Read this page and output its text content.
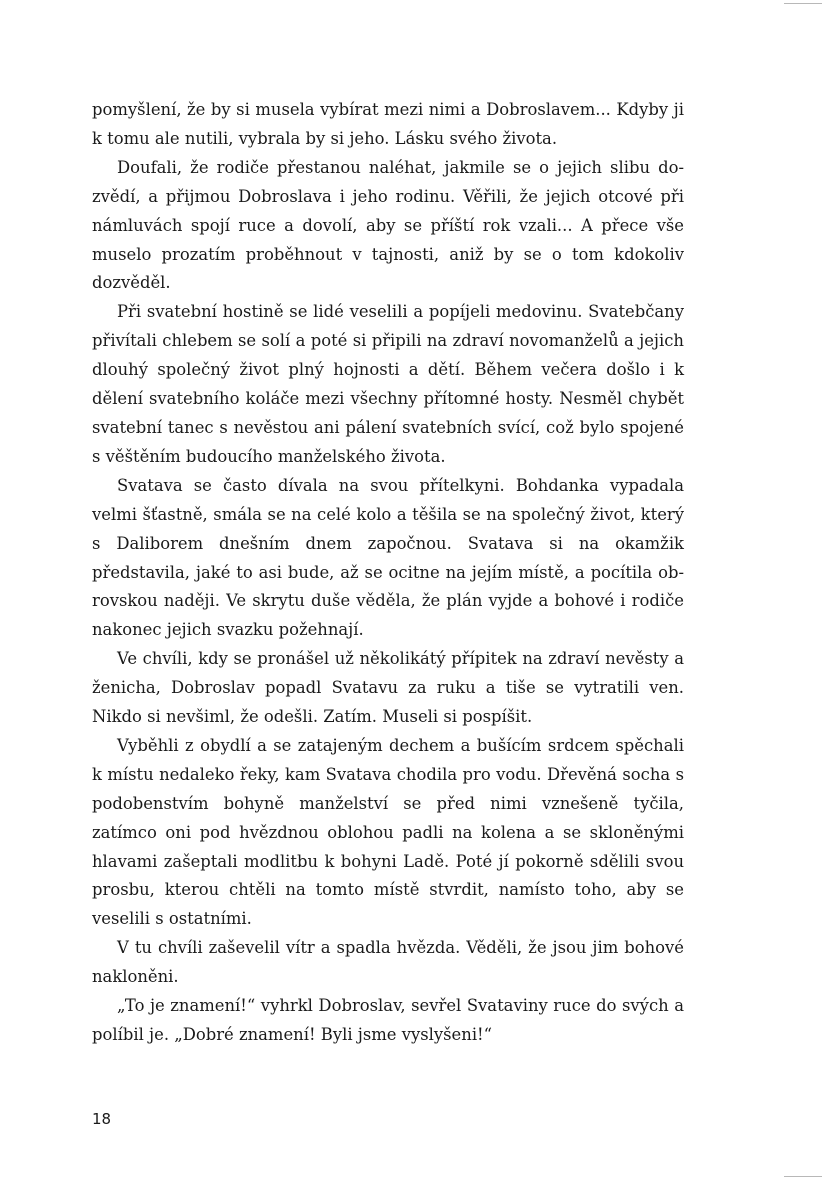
pomyšlení, že by si musela vybírat mezi nimi a Dobroslavem... Kdyby ji k tomu ale nutili, vybrala by si jeho. Lásku svého života.

Doufali, že rodiče přestanou naléhat, jakmile se o jejich slibu dozvědí, a přijmou Dobroslava i jeho rodinu. Věřili, že jejich otcové při námluvách spojí ruce a dovolí, aby se příští rok vzali... A přece vše muselo prozatím proběhnout v tajnosti, aniž by se o tom kdokoliv dozvěděl.

Při svatební hostině se lidé veselili a popíjeli medovinu. Svatebčany přivítali chlebem se solí a poté si připili na zdraví novomanželů a jejich dlouhý společný život plný hojnosti a dětí. Během večera došlo i k dělení svatebního koláče mezi všechny přítomné hosty. Nesměl chybět svatební tanec s nevěstou ani pálení svatebních svící, což bylo spojené s věštěním budoucího manželského života.

Svatava se často dívala na svou přítelkyni. Bohdanka vypadala velmi šťastně, smála se na celé kolo a těšila se na společný život, který s Daliborem dnešním dnem započnou. Svatava si na okamžik představila, jaké to asi bude, až se ocitne na jejím místě, a pocítila obrovskou naději. Ve skrytu duše věděla, že plán vyjde a bohové i rodiče nakonec jejich svazku požehnají.

Ve chvíli, kdy se pronášel už několikátý přípitek na zdraví nevěsty a ženicha, Dobroslav popadl Svatavu za ruku a tiše se vytratili ven. Nikdo si nevšiml, že odešli. Zatím. Museli si pospíšit.

Vyběhli z obydlí a se zatajeným dechem a bušícím srdcem spěchali k místu nedaleko řeky, kam Svatava chodila pro vodu. Dřevěná socha s podobenstvím bohyně manželství se před nimi vznešeně tyčila, zatímco oni pod hvězdnou oblohou padli na kolena a se skloněnými hlavami zašeptali modlitbu k bohyni Ladě. Poté jí pokorně sdělili svou prosbu, kterou chtěli na tomto místě stvrdit, namísto toho, aby se veselili s ostatními.

V tu chvíli zaševelil vítr a spadla hvězda. Věděli, že jsou jim bohové nakloněni.

„To je znamení!“ vyhrkl Dobroslav, sevřel Svataviny ruce do svých a políbil je. „Dobré znamení! Byli jsme vyslyšeni!“

18
